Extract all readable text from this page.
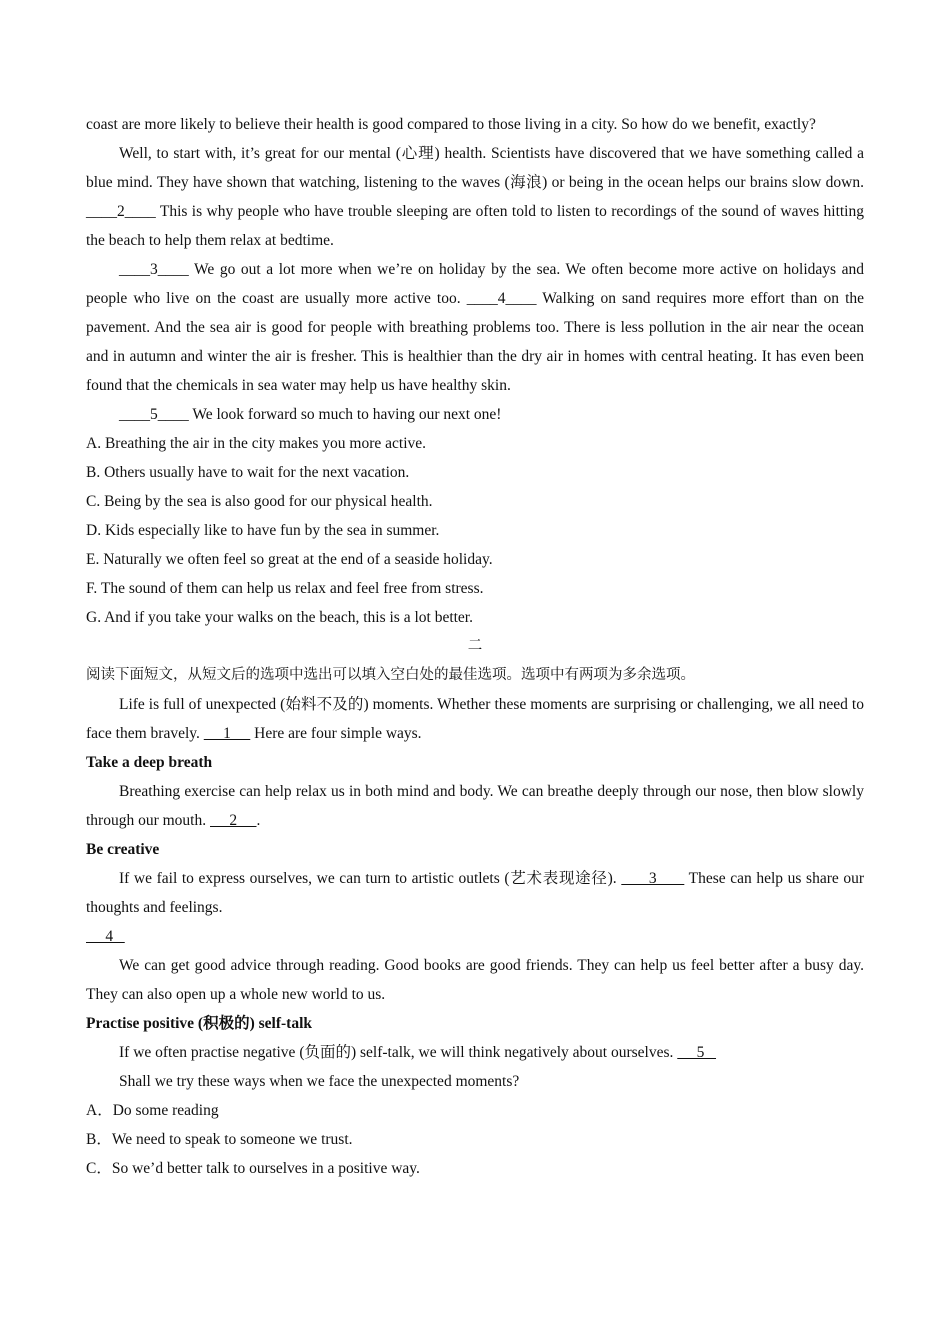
coast are more likely to believe their health is good compared to those living in a city. So how do we benefit, exactly?

Well, to start with, it’s great for our mental (心理) health. Scientists have discovered that we have something called a blue mind. They have shown that watching, listening to the waves (海浪) or being in the ocean helps our brains slow down. ____2____ This is why people who have trouble sleeping are often told to listen to recordings of the sound of waves hitting the beach to help them relax at bedtime.

____3____ We go out a lot more when we’re on holiday by the sea. We often become more active on holidays and people who live on the coast are usually more active too. ____4____ Walking on sand requires more effort than on the pavement. And the sea air is good for people with breathing problems too. There is less pollution in the air near the ocean and in autumn and winter the air is fresher. This is healthier than the dry air in homes with central heating. It has even been found that the chemicals in sea water may help us have healthy skin.

____5____ We look forward so much to having our next one!

A. Breathing the air in the city makes you more active.

B. Others usually have to wait for the next vacation.

C. Being by the sea is also good for our physical health.

D. Kids especially like to have fun by the sea in summer.

E. Naturally we often feel so great at the end of a seaside holiday.

F. The sound of them can help us relax and feel free from stress.

G. And if you take your walks on the beach, this is a lot better.

二

阅读下面短文，从短文后的选项中选出可以填入空白处的最佳选项。选项中有两项为多余选项。

Life is full of unexpected (始料不及的) moments. Whether these moments are surprising or challenging, we all need to face them bravely.      1      Here are four simple ways.

Take a deep breath

Breathing exercise can help relax us in both mind and body. We can breathe deeply through our nose, then blow slowly through our mouth.      2     .

Be creative

If we fail to express ourselves, we can turn to artistic outlets (艺术表现途径).       3       These can help us share our thoughts and feelings.

4

We can get good advice through reading. Good books are good friends. They can help us feel better after a busy day. They can also open up a whole new world to us.

Practise positive (积极的) self-talk

If we often practise negative (负面的) self-talk, we will think negatively about ourselves.      5

Shall we try these ways when we face the unexpected moments?

A．Do some reading

B．We need to speak to someone we trust.

C．So we’d better talk to ourselves in a positive way.
